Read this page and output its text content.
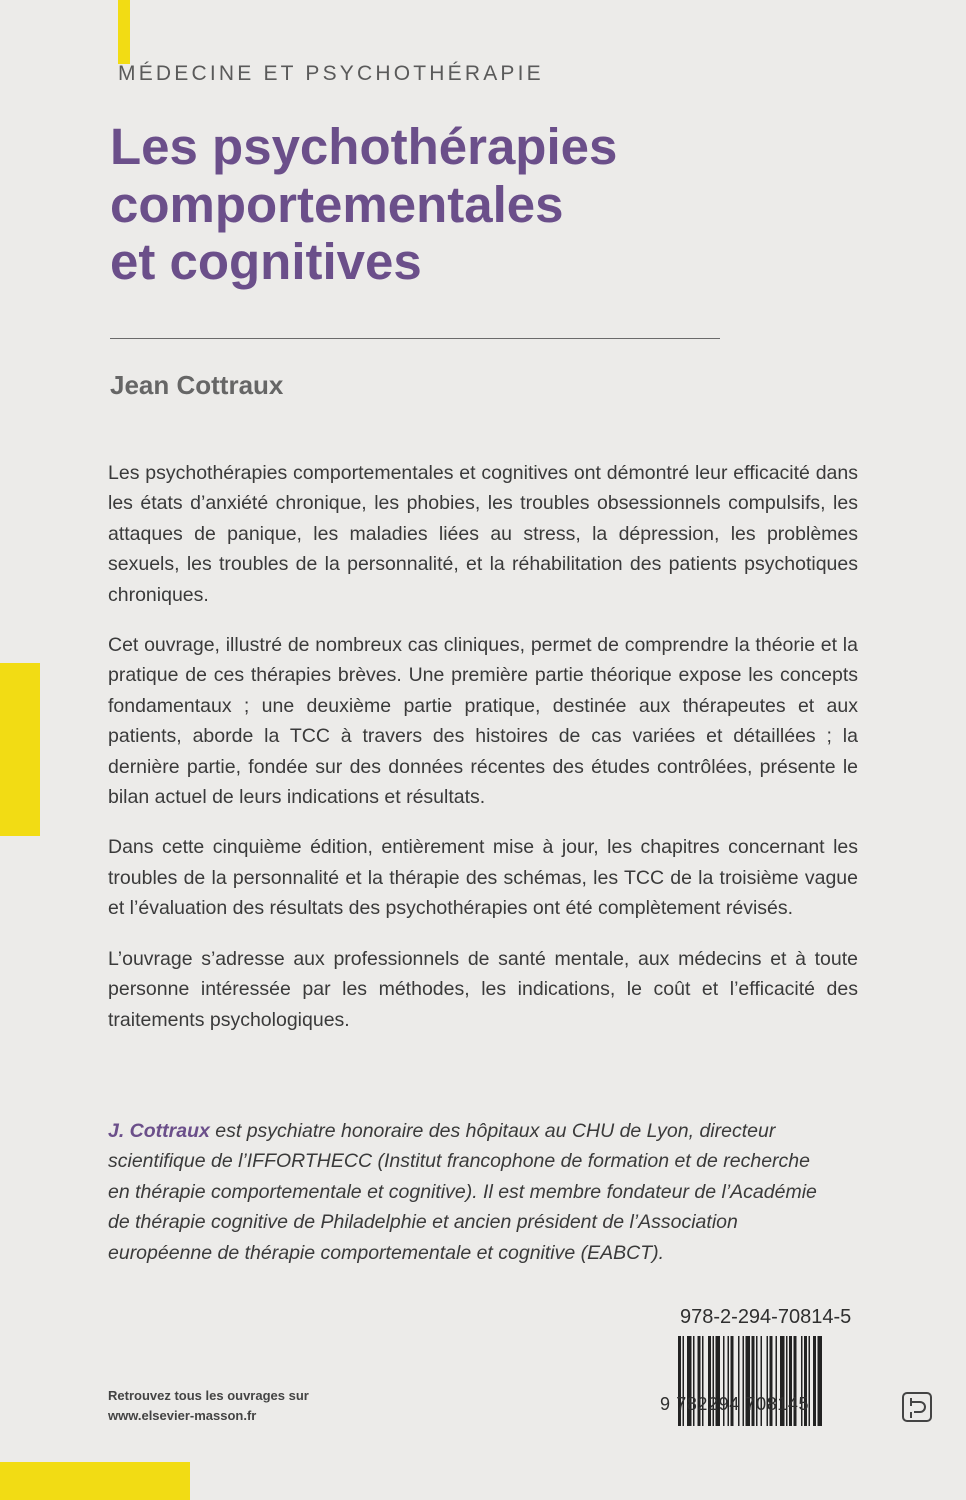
MÉDECINE ET PSYCHOTHÉRAPIE
Les psychothérapies
comportementales
et cognitives
Jean Cottraux

Les psychothérapies comportementales et cognitives ont démontré leur efficacité dans les états d’anxiété chronique, les phobies, les troubles obsessionnels compulsifs, les attaques de panique, les maladies liées au stress, la dépression, les problèmes sexuels, les troubles de la personnalité, et la réhabilitation des patients psychotiques chroniques.

Cet ouvrage, illustré de nombreux cas cliniques, permet de comprendre la théorie et la pratique de ces thérapies brèves. Une première partie théorique expose les concepts fondamentaux ; une deuxième partie pratique, destinée aux thérapeutes et aux patients, aborde la TCC à travers des histoires de cas variées et détaillées ; la dernière partie, fondée sur des données récentes des études contrôlées, présente le bilan actuel de leurs indications et résultats.

Dans cette cinquième édition, entièrement mise à jour, les chapitres concernant les troubles de la personnalité et la thérapie des schémas, les TCC de la troisième vague et l’évaluation des résultats des psychothérapies ont été complètement révisés.

L’ouvrage s’adresse aux professionnels de santé mentale, aux médecins et à toute personne intéressée par les méthodes, les indications, le coût et l’efficacité des traitements psychologiques.

J. Cottraux est psychiatre honoraire des hôpitaux au CHU de Lyon, directeur
scientifique de l’IFFORTHECC (Institut francophone de formation et de recherche
en thérapie comportementale et cognitive). Il est membre fondateur de l’Académie
de thérapie cognitive de Philadelphie et ancien président de l’Association
européenne de thérapie comportementale et cognitive (EABCT).
978-2-294-70814-5
9 782294 708145
Retrouvez tous les ouvrages sur
www.elsevier-masson.fr
